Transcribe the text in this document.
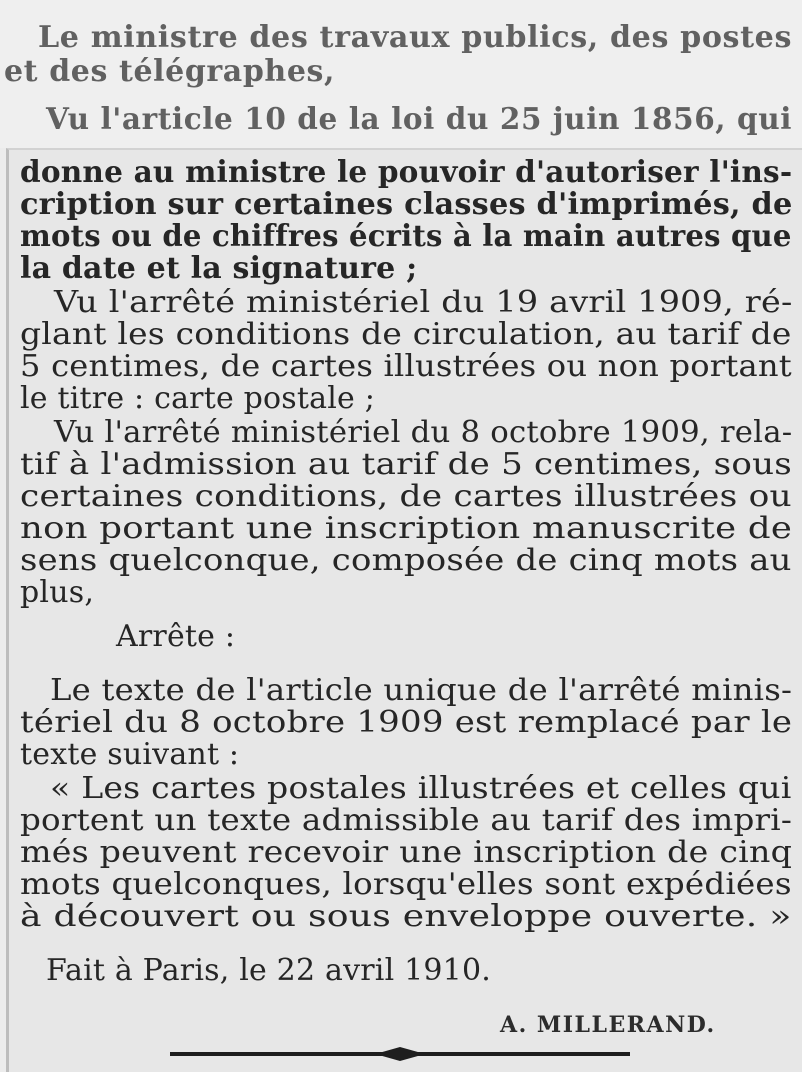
Le ministre des travaux publics, des postes
et des télégraphes,
Vu l'article 10 de la loi du 25 juin 1856, qui
donne au ministre le pouvoir d'autoriser l'ins-
cription sur certaines classes d'imprimés, de
mots ou de chiffres écrits à la main autres que
la date et la signature ;
Vu l'arrêté ministériel du 19 avril 1909, ré-
glant les conditions de circulation, au tarif de
5 centimes, de cartes illustrées ou non portant
le titre : carte postale ;
Vu l'arrêté ministériel du 8 octobre 1909, rela-
tif à l'admission au tarif de 5 centimes, sous
certaines conditions, de cartes illustrées ou
non portant une inscription manuscrite de
sens quelconque, composée de cinq mots au
plus,
Arrête :
Le texte de l'article unique de l'arrêté minis-
tériel du 8 octobre 1909 est remplacé par le
texte suivant :
« Les cartes postales illustrées et celles qui
portent un texte admissible au tarif des impri-
més peuvent recevoir une inscription de cinq
mots quelconques, lorsqu'elles sont expédiées
à découvert ou sous enveloppe ouverte. »
Fait à Paris, le 22 avril 1910.
A. MILLERAND.
